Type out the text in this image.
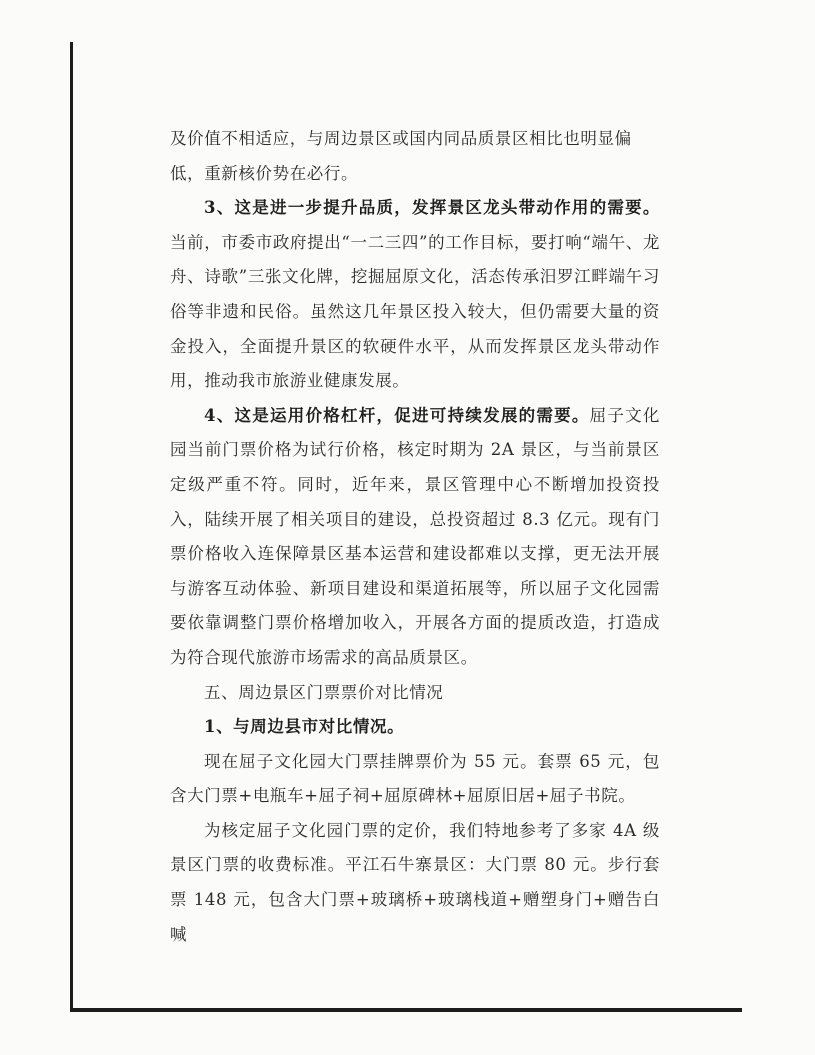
及价值不相适应，与周边景区或国内同品质景区相比也明显偏
低，重新核价势在必行。

3、这是进一步提升品质，发挥景区龙头带动作用的需要。当前，市委市政府提出“一二三四”的工作目标，要打响“端午、龙舟、诗歌”三张文化牌，挖掘屈原文化，活态传承汨罗江畔端午习俗等非遗和民俗。虽然这几年景区投入较大，但仍需要大量的资金投入，全面提升景区的软硬件水平，从而发挥景区龙头带动作用，推动我市旅游业健康发展。

4、这是运用价格杠杆，促进可持续发展的需要。屈子文化园当前门票价格为试行价格，核定时期为 2A 景区，与当前景区定级严重不符。同时，近年来，景区管理中心不断增加投资投入，陆续开展了相关项目的建设，总投资超过 8.3 亿元。现有门票价格收入连保障景区基本运营和建设都难以支撑，更无法开展与游客互动体验、新项目建设和渠道拓展等，所以屈子文化园需要依靠调整门票价格增加收入，开展各方面的提质改造，打造成为符合现代旅游市场需求的高品质景区。

五、周边景区门票票价对比情况

1、与周边县市对比情况。

现在屈子文化园大门票挂牌票价为 55 元。套票 65 元，包含大门票+电瓶车+屈子祠+屈原碑林+屈原旧居+屈子书院。

为核定屈子文化园门票的定价，我们特地参考了多家 4A 级景区门票的收费标准。平江石牛寨景区：大门票 80 元。步行套票 148 元，包含大门票+玻璃桥+玻璃栈道+赠塑身门+赠告白喊
